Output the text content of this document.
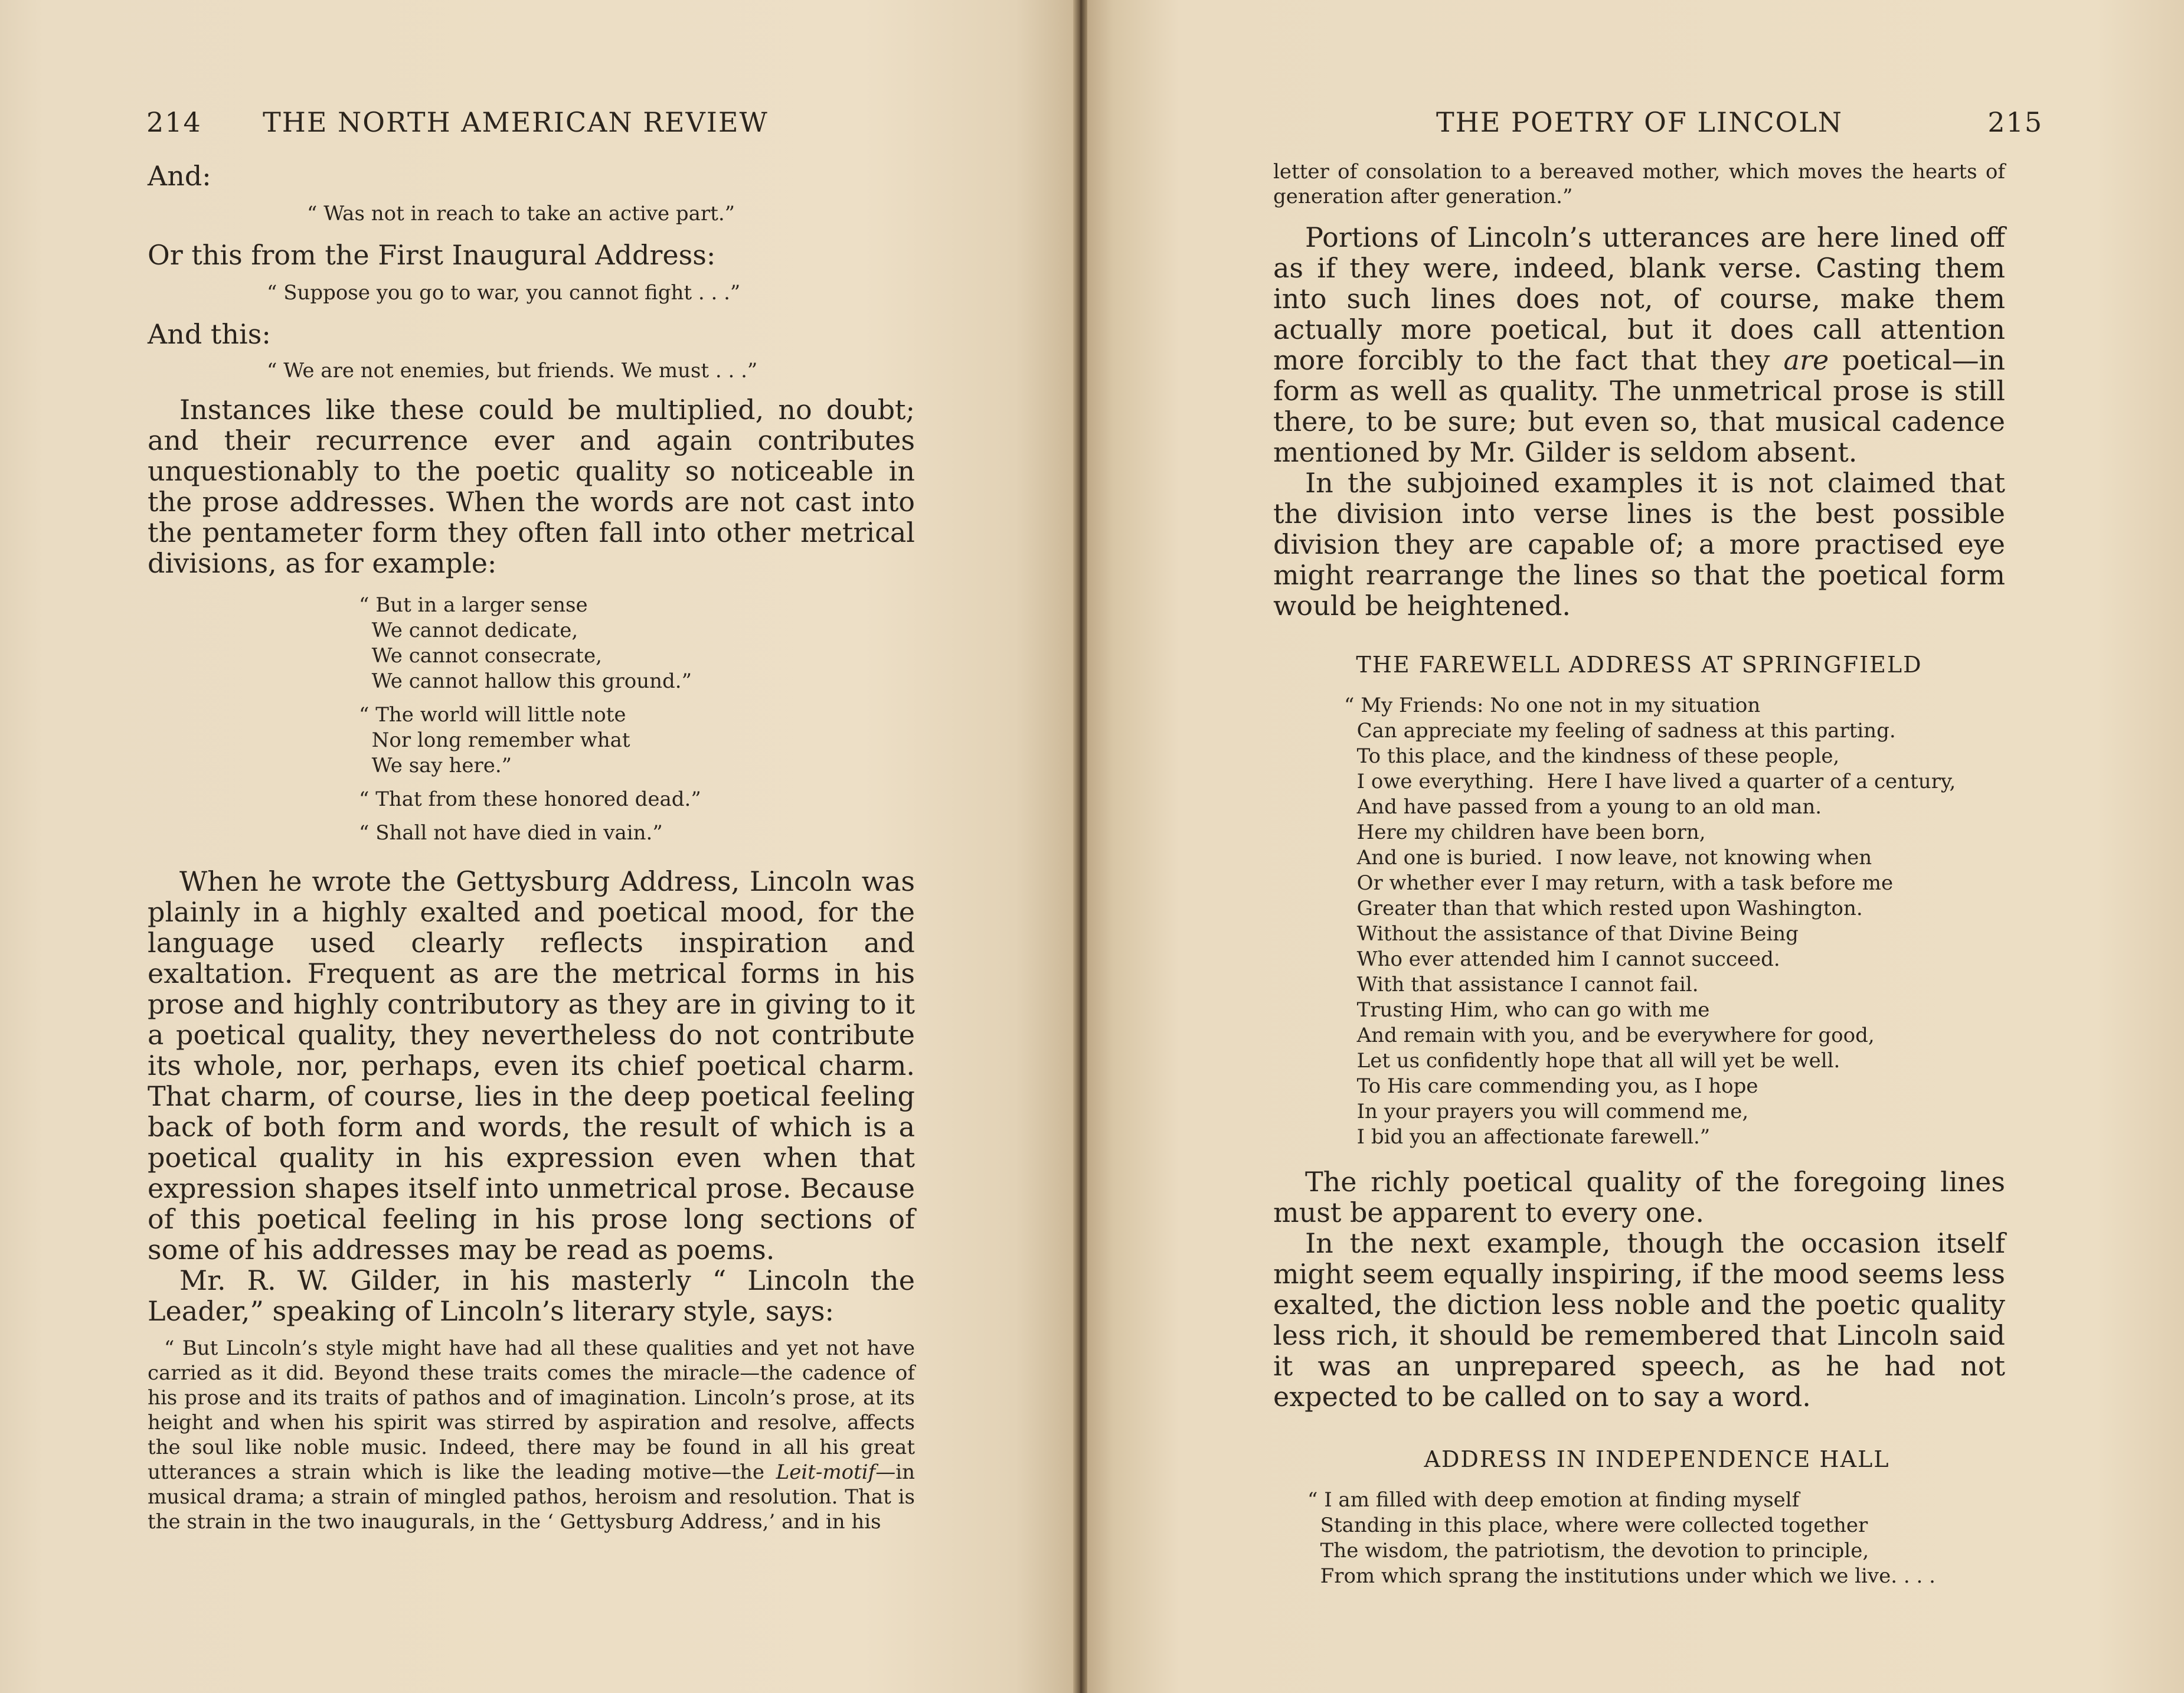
214 THE NORTH AMERICAN REVIEW

And:

“ Was not in reach to take an active part.”

Or this from the First Inaugural Address:

“ Suppose you go to war, you cannot fight . . .”

And this:

“ We are not enemies, but friends. We must . . .”

Instances like these could be multiplied, no doubt; and their recurrence ever and again contributes unquestionably to the poetic quality so noticeable in the prose addresses. When the words are not cast into the pentameter form they often fall into other metrical divisions, as for example:

“ But in a larger sense
We cannot dedicate,
We cannot consecrate,
We cannot hallow this ground.”

“ The world will little note
Nor long remember what
We say here.”

“ That from these honored dead.”

“ Shall not have died in vain.”

When he wrote the Gettysburg Address, Lincoln was plainly in a highly exalted and poetical mood, for the language used clearly reflects inspiration and exaltation. Frequent as are the metrical forms in his prose and highly contributory as they are in giving to it a poetical quality, they nevertheless do not contribute its whole, nor, perhaps, even its chief poetical charm. That charm, of course, lies in the deep poetical feeling back of both form and words, the result of which is a poetical quality in his expression even when that expression shapes itself into unmetrical prose. Because of this poetical feeling in his prose long sections of some of his addresses may be read as poems.

Mr. R. W. Gilder, in his masterly “ Lincoln the Leader,” speaking of Lincoln’s literary style, says:

“ But Lincoln’s style might have had all these qualities and yet not have carried as it did. Beyond these traits comes the miracle—the cadence of his prose and its traits of pathos and of imagination. Lincoln’s prose, at its height and when his spirit was stirred by aspiration and resolve, affects the soul like noble music. Indeed, there may be found in all his great utterances a strain which is like the leading motive—the Leit-motif—in musical drama; a strain of mingled pathos, heroism and resolution. That is the strain in the two inaugurals, in the ‘ Gettysburg Address,’ and in his

THE POETRY OF LINCOLN	215

letter of consolation to a bereaved mother, which moves the hearts of generation after generation.”

Portions of Lincoln’s utterances are here lined off as if they were, indeed, blank verse. Casting them into such lines does not, of course, make them actually more poetical, but it does call attention more forcibly to the fact that they are poetical—in form as well as quality. The unmetrical prose is still there, to be sure; but even so, that musical cadence mentioned by Mr. Gilder is seldom absent.

In the subjoined examples it is not claimed that the division into verse lines is the best possible division they are capable of; a more practised eye might rearrange the lines so that the poetical form would be heightened.

THE FAREWELL ADDRESS AT SPRINGFIELD

“ My Friends: No one not in my situation
Can appreciate my feeling of sadness at this parting.
To this place, and the kindness of these people,
I owe everything.  Here I have lived a quarter of a century,
And have passed from a young to an old man.
Here my children have been born,
And one is buried.  I now leave, not knowing when
Or whether ever I may return, with a task before me
Greater than that which rested upon Washington.
Without the assistance of that Divine Being
Who ever attended him I cannot succeed.
With that assistance I cannot fail.
Trusting Him, who can go with me
And remain with you, and be everywhere for good,
Let us confidently hope that all will yet be well.
To His care commending you, as I hope
In your prayers you will commend me,
I bid you an affectionate farewell.”

The richly poetical quality of the foregoing lines must be apparent to every one.

In the next example, though the occasion itself might seem equally inspiring, if the mood seems less exalted, the diction less noble and the poetic quality less rich, it should be remembered that Lincoln said it was an unprepared speech, as he had not expected to be called on to say a word.

ADDRESS IN INDEPENDENCE HALL

“ I am filled with deep emotion at finding myself
Standing in this place, where were collected together
The wisdom, the patriotism, the devotion to principle,
From which sprang the institutions under which we live. . . .
